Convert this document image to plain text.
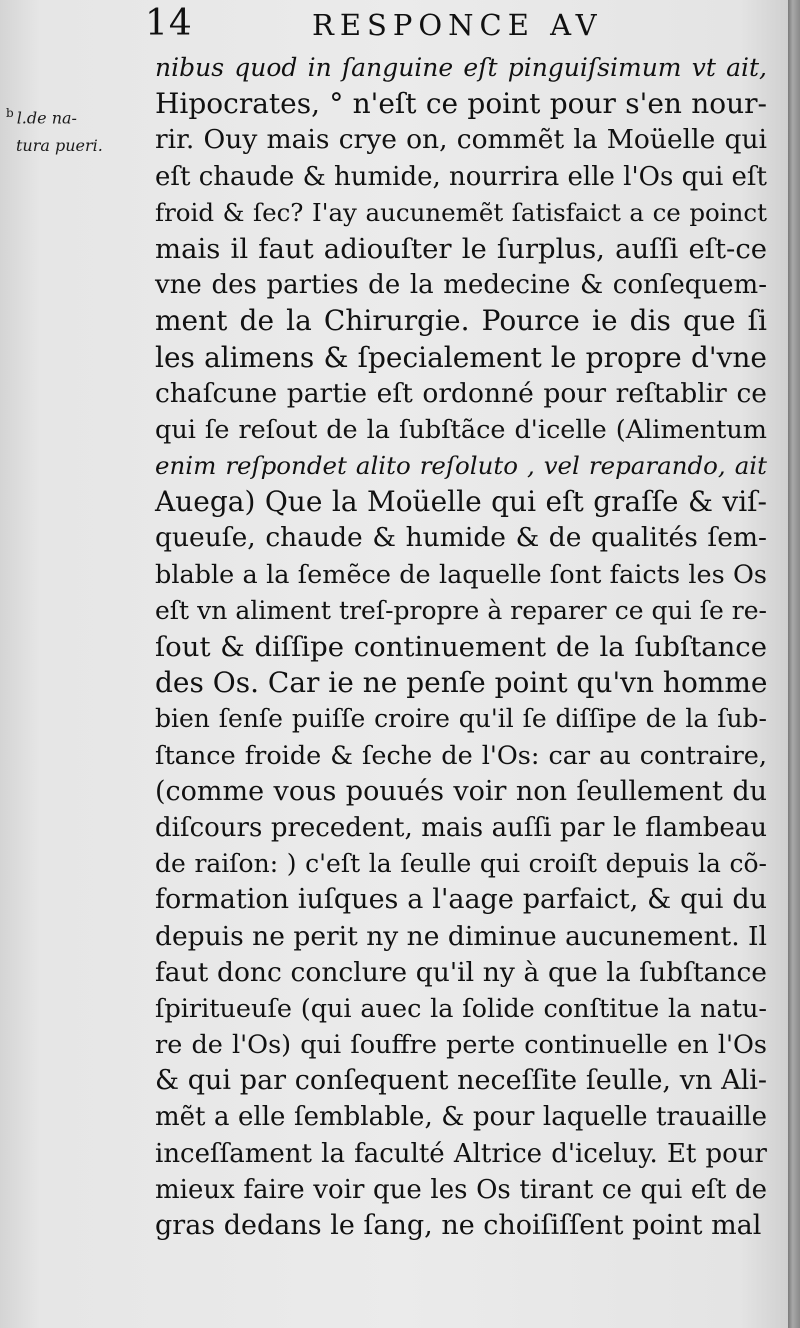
14	RESPONCE AV
$^b$ l.de na-
tura pueri.
nibus quod in ſanguine eſt pinguiſsimum vt ait,
Hipocrates, ° n'eſt ce point pour s'en nour-
rir. Ouy mais crye on, commẽt la Moüelle qui
eſt chaude & humide, nourrira elle l'Os qui eſt
froid & ſec? I'ay aucunemẽt ſatisfaict a ce poinct
mais il faut adiouſter le ſurplus, auſſi eſt-ce
vne des parties de la medecine & conſequem-
ment de la Chirurgie. Pource ie dis que ſi
les alimens & ſpecialement le propre d'vne
chaſcune partie eſt ordonné pour reſtablir ce
qui ſe reſout de la ſubſtãce d'icelle (Alimentum
enim reſpondet alito reſoluto , vel reparando, ait
Auega) Que la Moüelle qui eſt graſſe & viſ-
queuſe, chaude & humide & de qualités ſem-
blable a la ſemẽce de laquelle ſont faicts les Os
eſt vn aliment treſ-propre à reparer ce qui ſe re-
ſout & diſſipe continuement de la ſubſtance
des Os. Car ie ne penſe point qu'vn homme
bien ſenſe puiſſe croire qu'il ſe diſſipe de la ſub-
ſtance froide & ſeche de l'Os: car au contraire,
(comme vous pouués voir non ſeullement du
diſcours precedent, mais auſſi par le flambeau
de raiſon: ) c'eſt la ſeulle qui croiſt depuis la cõ-
formation iuſques a l'aage parfaict, & qui du
depuis ne perit ny ne diminue aucunement. Il
faut donc conclure qu'il ny à que la ſubſtance
ſpiritueuſe (qui auec la ſolide conſtitue la natu-
re de l'Os) qui ſouffre perte continuelle en l'Os
& qui par conſequent neceſſite ſeulle, vn Ali-
mẽt a elle ſemblable, & pour laquelle trauaille
inceſſament la faculté Altrice d'iceluy. Et pour
mieux faire voir que les Os tirant ce qui eſt de
gras dedans le ſang, ne choiſiſſent point mal
